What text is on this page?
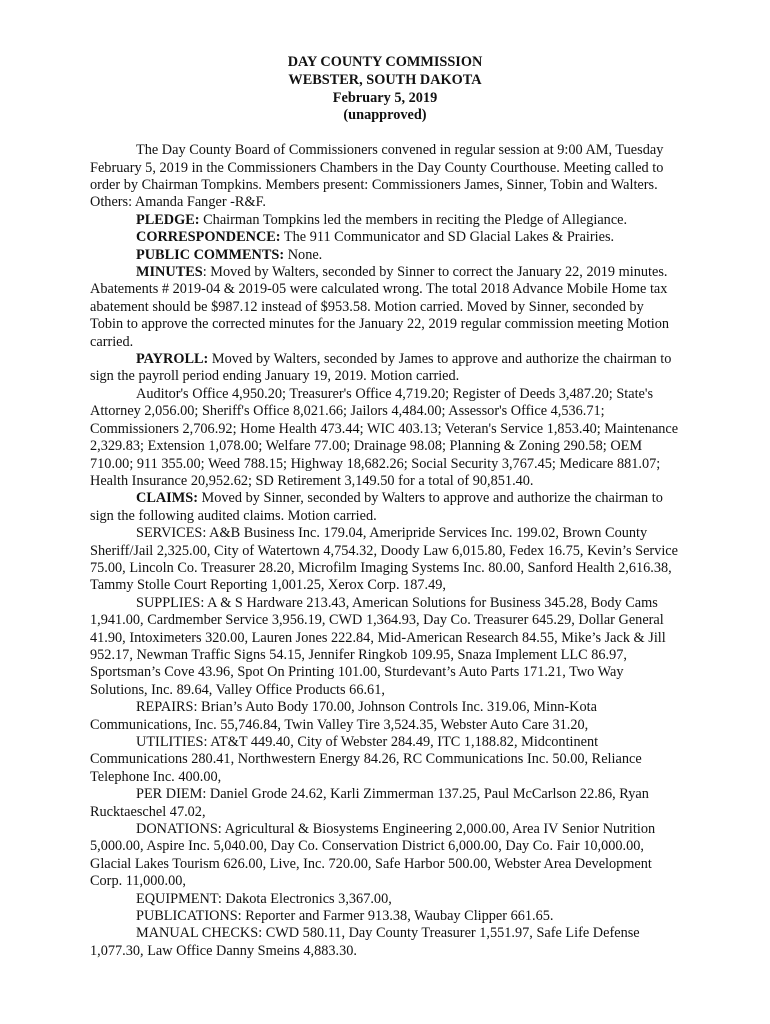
DAY COUNTY COMMISSION
WEBSTER, SOUTH DAKOTA
February 5, 2019
(unapproved)

The Day County Board of Commissioners convened in regular session at 9:00 AM, Tuesday February 5, 2019 in the Commissioners Chambers in the Day County Courthouse. Meeting called to order by Chairman Tompkins. Members present: Commissioners James, Sinner, Tobin and Walters. Others: Amanda Fanger -R&F.

PLEDGE: Chairman Tompkins led the members in reciting the Pledge of Allegiance.

CORRESPONDENCE: The 911 Communicator and SD Glacial Lakes & Prairies.

PUBLIC COMMENTS: None.

MINUTES: Moved by Walters, seconded by Sinner to correct the January 22, 2019 minutes. Abatements # 2019-04 & 2019-05 were calculated wrong. The total 2018 Advance Mobile Home tax abatement should be $987.12 instead of $953.58. Motion carried. Moved by Sinner, seconded by Tobin to approve the corrected minutes for the January 22, 2019 regular commission meeting Motion carried.

PAYROLL: Moved by Walters, seconded by James to approve and authorize the chairman to sign the payroll period ending January 19, 2019. Motion carried.

Auditor's Office 4,950.20; Treasurer's Office 4,719.20; Register of Deeds 3,487.20; State's Attorney 2,056.00; Sheriff's Office 8,021.66; Jailors 4,484.00; Assessor's Office 4,536.71; Commissioners 2,706.92; Home Health 473.44; WIC 403.13; Veteran's Service 1,853.40; Maintenance 2,329.83; Extension 1,078.00; Welfare 77.00; Drainage 98.08; Planning & Zoning 290.58; OEM 710.00; 911 355.00; Weed 788.15; Highway 18,682.26; Social Security 3,767.45; Medicare 881.07; Health Insurance 20,952.62; SD Retirement 3,149.50 for a total of 90,851.40.

CLAIMS: Moved by Sinner, seconded by Walters to approve and authorize the chairman to sign the following audited claims. Motion carried.

SERVICES: A&B Business Inc. 179.04, Ameripride Services Inc. 199.02, Brown County Sheriff/Jail 2,325.00, City of Watertown 4,754.32, Doody Law 6,015.80, Fedex 16.75, Kevin’s Service 75.00, Lincoln Co. Treasurer 28.20, Microfilm Imaging Systems Inc. 80.00, Sanford Health 2,616.38, Tammy Stolle Court Reporting 1,001.25, Xerox Corp. 187.49,

SUPPLIES: A & S Hardware 213.43, American Solutions for Business 345.28, Body Cams 1,941.00, Cardmember Service 3,956.19, CWD 1,364.93, Day Co. Treasurer 645.29, Dollar General 41.90, Intoximeters 320.00, Lauren Jones 222.84, Mid-American Research 84.55, Mike’s Jack & Jill 952.17, Newman Traffic Signs 54.15, Jennifer Ringkob 109.95, Snaza Implement LLC 86.97, Sportsman’s Cove 43.96, Spot On Printing 101.00, Sturdevant’s Auto Parts 171.21, Two Way Solutions, Inc. 89.64, Valley Office Products 66.61,

REPAIRS: Brian’s Auto Body 170.00, Johnson Controls Inc. 319.06, Minn-Kota Communications, Inc. 55,746.84, Twin Valley Tire 3,524.35, Webster Auto Care 31.20,

UTILITIES: AT&T 449.40, City of Webster 284.49, ITC 1,188.82, Midcontinent Communications 280.41, Northwestern Energy 84.26, RC Communications Inc. 50.00, Reliance Telephone Inc. 400.00,

PER DIEM: Daniel Grode 24.62, Karli Zimmerman 137.25, Paul McCarlson 22.86, Ryan Rucktaeschel 47.02,

DONATIONS: Agricultural & Biosystems Engineering 2,000.00, Area IV Senior Nutrition 5,000.00, Aspire Inc. 5,040.00, Day Co. Conservation District 6,000.00, Day Co. Fair 10,000.00, Glacial Lakes Tourism 626.00, Live, Inc. 720.00, Safe Harbor 500.00, Webster Area Development Corp. 11,000.00,

EQUIPMENT: Dakota Electronics 3,367.00,

PUBLICATIONS: Reporter and Farmer 913.38, Waubay Clipper 661.65.

MANUAL CHECKS: CWD 580.11, Day County Treasurer 1,551.97, Safe Life Defense 1,077.30, Law Office Danny Smeins 4,883.30.
